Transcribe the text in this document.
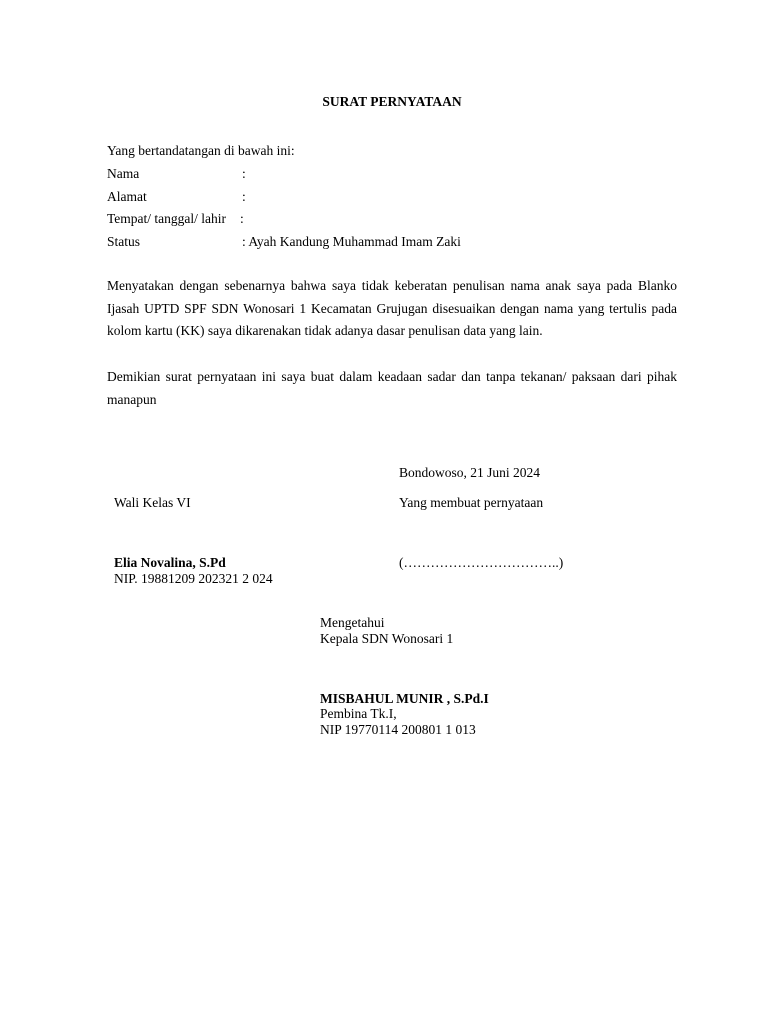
SURAT PERNYATAAN
Yang bertandatangan di bawah ini:
Nama	:
Alamat	:
Tempat/ tanggal/ lahir :
Status	: Ayah Kandung Muhammad Imam Zaki
Menyatakan dengan sebenarnya bahwa saya tidak keberatan penulisan nama anak saya pada Blanko Ijasah UPTD SPF SDN Wonosari 1 Kecamatan Grujugan disesuaikan dengan nama yang tertulis pada kolom kartu (KK) saya dikarenakan tidak adanya dasar penulisan data yang lain.
Demikian surat pernyataan ini saya buat dalam keadaan sadar dan tanpa tekanan/ paksaan dari pihak manapun
Bondowoso, 21 Juni 2024
Wali Kelas VI	Yang membuat pernyataan
Elia Novalina, S.Pd
NIP. 19881209 202321 2 024
(……………………………..)
Mengetahui
Kepala SDN Wonosari 1
MISBAHUL MUNIR , S.Pd.I
Pembina Tk.I,
NIP 19770114 200801 1 013
